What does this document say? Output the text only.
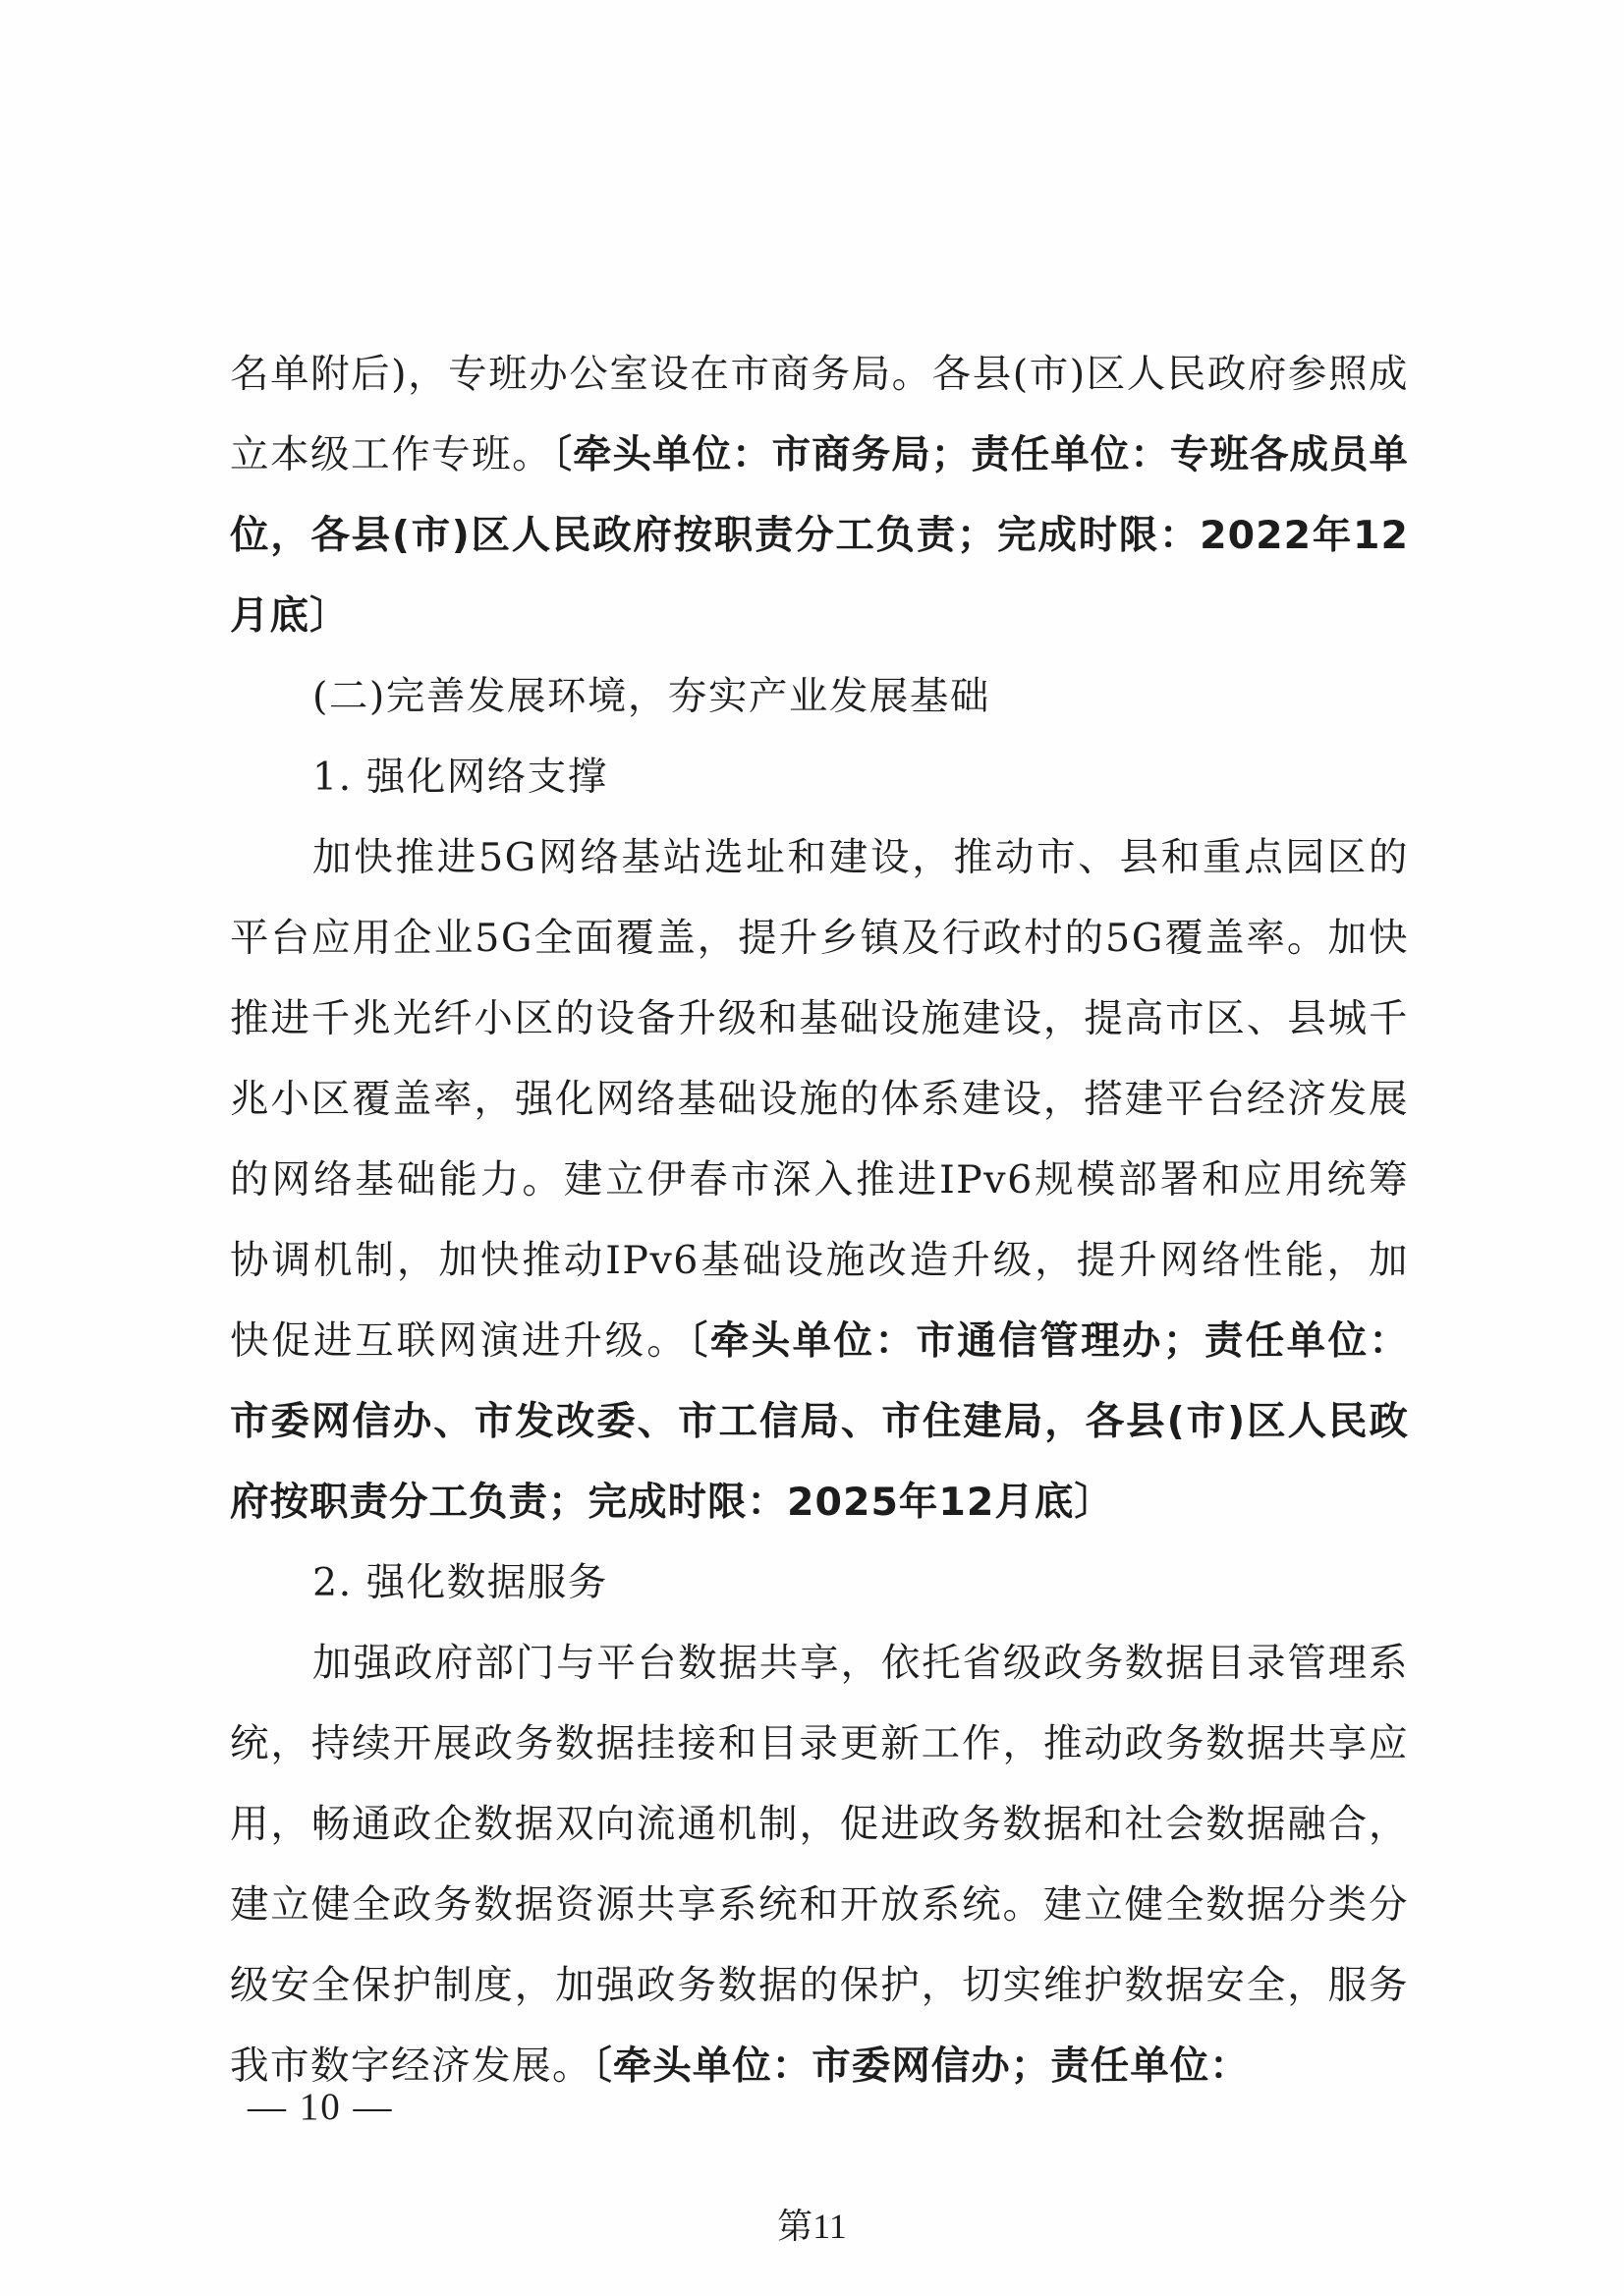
名单附后)，专班办公室设在市商务局。各县(市)区人民政府参照成立本级工作专班。〔牵头单位：市商务局；责任单位：专班各成员单位，各县(市)区人民政府按职责分工负责；完成时限：2022年12月底〕

(二)完善发展环境，夯实产业发展基础

1. 强化网络支撑

加快推进5G网络基站选址和建设，推动市、县和重点园区的平台应用企业5G全面覆盖，提升乡镇及行政村的5G覆盖率。加快推进千兆光纤小区的设备升级和基础设施建设，提高市区、县城千兆小区覆盖率，强化网络基础设施的体系建设，搭建平台经济发展的网络基础能力。建立伊春市深入推进IPv6规模部署和应用统筹协调机制，加快推动IPv6基础设施改造升级，提升网络性能，加快促进互联网演进升级。〔牵头单位：市通信管理办；责任单位：市委网信办、市发改委、市工信局、市住建局，各县(市)区人民政府按职责分工负责；完成时限：2025年12月底〕

2. 强化数据服务

加强政府部门与平台数据共享，依托省级政务数据目录管理系统，持续开展政务数据挂接和目录更新工作，推动政务数据共享应用，畅通政企数据双向流通机制，促进政务数据和社会数据融合，建立健全政务数据资源共享系统和开放系统。建立健全数据分类分级安全保护制度，加强政务数据的保护，切实维护数据安全，服务我市数字经济发展。〔牵头单位：市委网信办；责任单位：

— 10 —
第11
